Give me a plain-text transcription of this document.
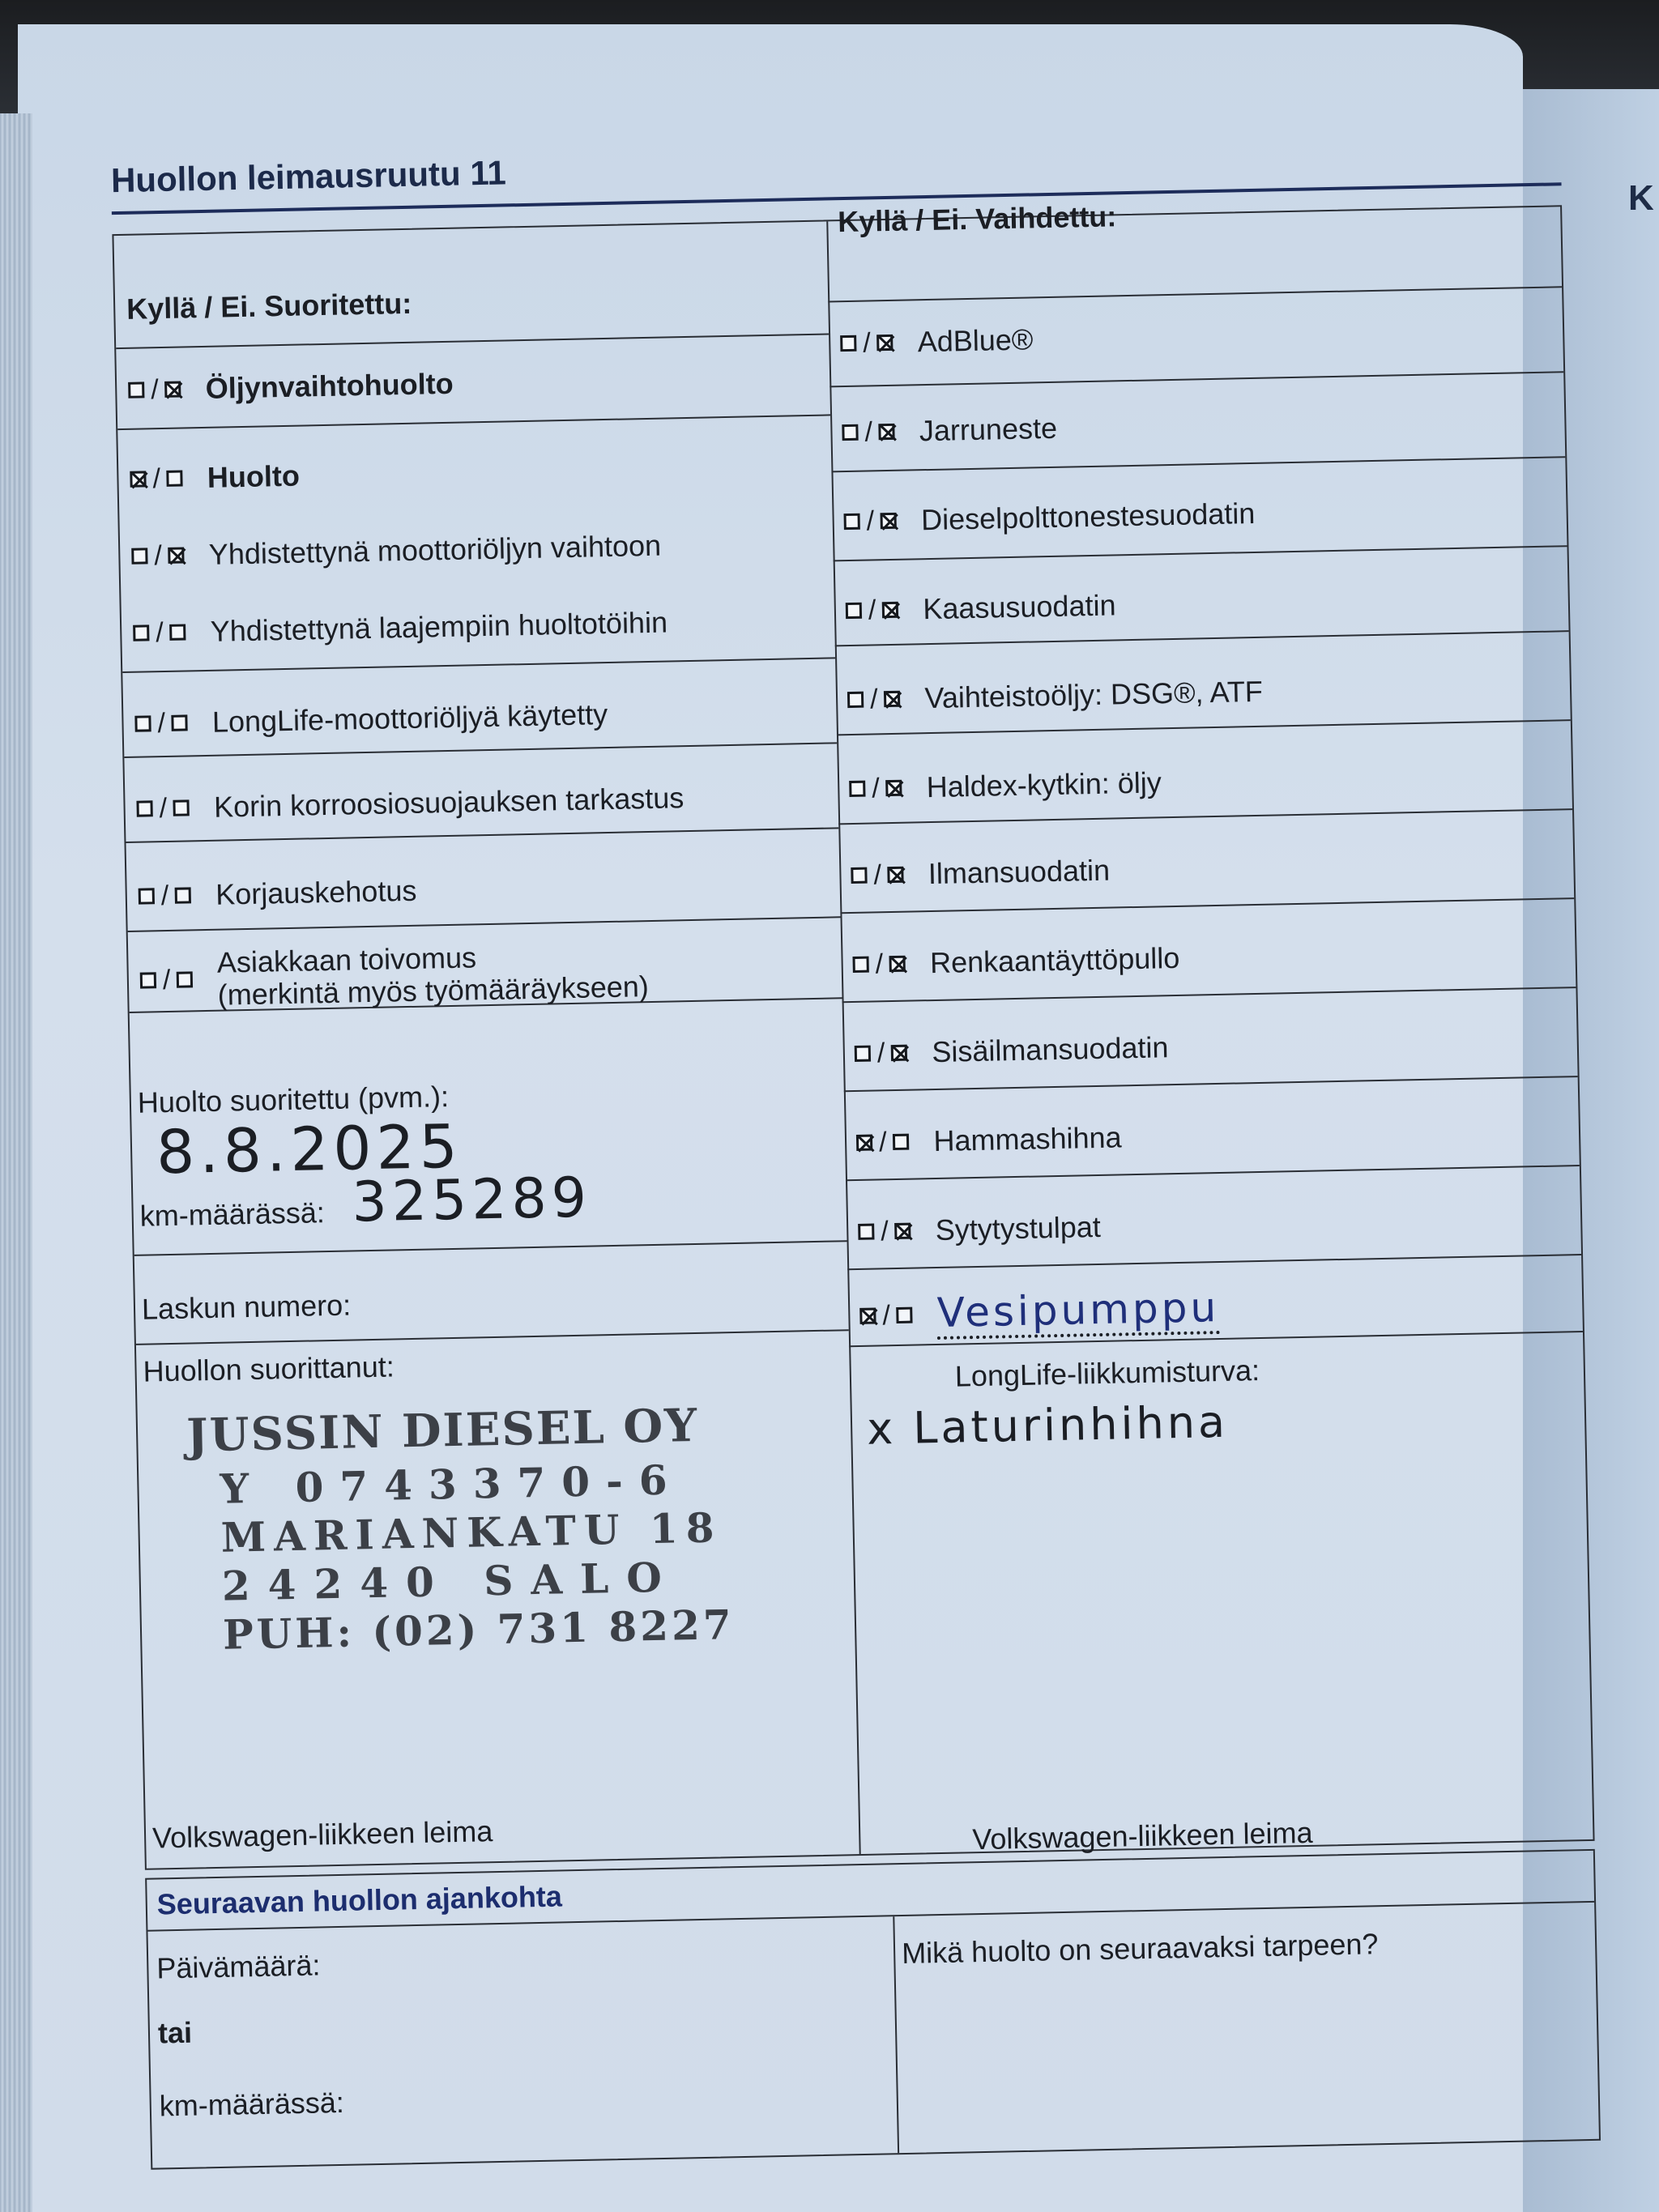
K
Huollon leimausruutu 11
Kyllä / Ei. Suoritettu:
/ Öljynvaihtohuolto
/ Huolto
/ Yhdistettynä moottoriöljyn vaihtoon
/ Yhdistettynä laajempiin huoltotöihin
/ LongLife-moottoriöljyä käytetty
/ Korin korroosiosuojauksen tarkastus
/ Korjauskehotus
/
Asiakkaan toivomus
(merkintä myös työmääräykseen)
Huolto suoritettu (pvm.):
8.8.2025
km-määrässä: 325289
Laskun numero:
Huollon suorittanut:
JUSSIN DIESEL OY
Y 0743370-6
MARIANKATU 18
24240 SALO
PUH: (02) 731 8227
Volkswagen-liikkeen leima
Kyllä / Ei. Vaihdettu:
/ AdBlue®
/ Jarruneste
/ Dieselpolttonestesuodatin
/ Kaasusuodatin
/ Vaihteistoöljy: DSG®, ATF
/ Haldex-kytkin: öljy
/ Ilmansuodatin
/ Renkaantäyttöpullo
/ Sisäilmansuodatin
/ Hammashihna
/ Sytytystulpat
/ Vesipumppu
LongLife-liikkumisturva:
x Laturinhihna
Volkswagen-liikkeen leima
Seuraavan huollon ajankohta
Päivämäärä:
tai
km-määrässä:
Mikä huolto on seuraavaksi tarpeen?
